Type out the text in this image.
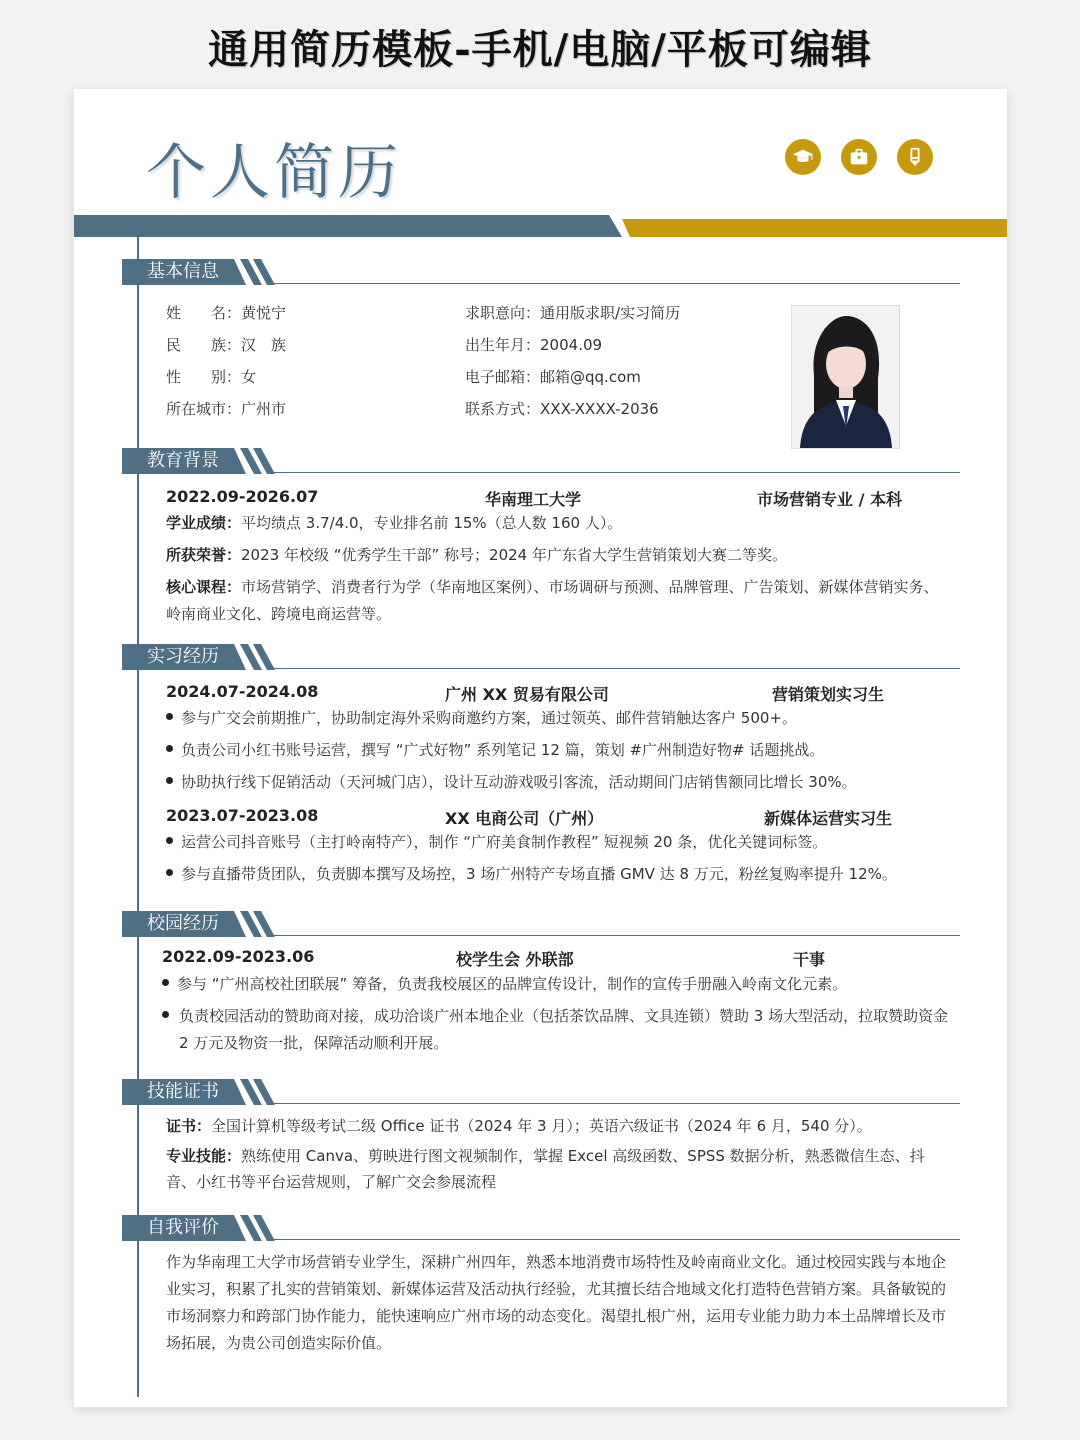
通用简历模板-手机/电脑/平板可编辑
个人简历
基本信息
姓　　名：黄悦宁
民　　族：汉　族
性　　别：女
所在城市：广州市
求职意向：通用版求职/实习简历
出生年月：2004.09
电子邮箱：邮箱@qq.com
联系方式：XXX-XXXX-2036
教育背景
2022.09-2026.07	华南理工大学	市场营销专业 / 本科
学业成绩：平均绩点 3.7/4.0，专业排名前 15%（总人数 160 人）。
所获荣誉：2023 年校级 “优秀学生干部” 称号；2024 年广东省大学生营销策划大赛二等奖。
核心课程：市场营销学、消费者行为学（华南地区案例）、市场调研与预测、品牌管理、广告策划、新媒体营销实务、岭南商业文化、跨境电商运营等。
实习经历
2024.07-2024.08	广州 XX 贸易有限公司	营销策划实习生
参与广交会前期推广，协助制定海外采购商邀约方案，通过领英、邮件营销触达客户 500+。
负责公司小红书账号运营，撰写 “广式好物” 系列笔记 12 篇，策划 #广州制造好物# 话题挑战。
协助执行线下促销活动（天河城门店），设计互动游戏吸引客流，活动期间门店销售额同比增长 30%。
2023.07-2023.08	XX 电商公司（广州）	新媒体运营实习生
运营公司抖音账号（主打岭南特产），制作 “广府美食制作教程” 短视频 20 条，优化关键词标签。
参与直播带货团队，负责脚本撰写及场控，3 场广州特产专场直播 GMV 达 8 万元，粉丝复购率提升 12%。
校园经历
2022.09-2023.06	校学生会 外联部	干事
参与 “广州高校社团联展” 筹备，负责我校展区的品牌宣传设计，制作的宣传手册融入岭南文化元素。
负责校园活动的赞助商对接，成功洽谈广州本地企业（包括茶饮品牌、文具连锁）赞助 3 场大型活动，拉取赞助资金 2 万元及物资一批，保障活动顺利开展。
技能证书
证书：全国计算机等级考试二级 Office 证书（2024 年 3 月）；英语六级证书（2024 年 6 月，540 分）。
专业技能：熟练使用 Canva、剪映进行图文视频制作，掌握 Excel 高级函数、SPSS 数据分析，熟悉微信生态、抖音、小红书等平台运营规则，了解广交会参展流程
自我评价
作为华南理工大学市场营销专业学生，深耕广州四年，熟悉本地消费市场特性及岭南商业文化。通过校园实践与本地企业实习，积累了扎实的营销策划、新媒体运营及活动执行经验，尤其擅长结合地域文化打造特色营销方案。具备敏锐的市场洞察力和跨部门协作能力，能快速响应广州市场的动态变化。渴望扎根广州，运用专业能力助力本土品牌增长及市场拓展，为贵公司创造实际价值。
